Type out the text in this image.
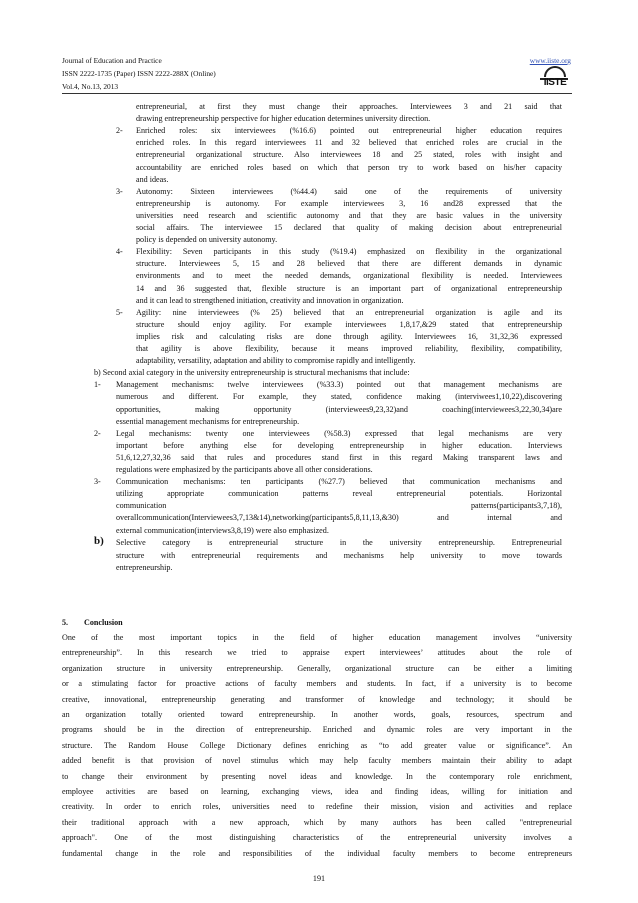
Journal of Education and Practice
ISSN 2222-1735 (Paper) ISSN 2222-288X (Online)
Vol.4, No.13, 2013
www.iiste.org
IISTE
entrepreneurial, at first they must change their approaches. Interviewees 3 and 21 said that
drawing entrepreneurship perspective for higher education determines university direction.
2- Enriched roles: six interviewees (%16.6) pointed out entrepreneurial higher education requires
enriched roles. In this regard interviewees 11 and 32 believed that enriched roles are crucial in the
entrepreneurial organizational structure. Also interviewees 18 and 25 stated, roles with insight and
accountability are enriched roles based on which that person try to work based on his/her capacity
and ideas.
3- Autonomy: Sixteen interviewees (%44.4) said one of the requirements of university
entrepreneurship is autonomy. For example interviewees 3, 16 and28 expressed that the
universities need research and scientific autonomy and that they are basic values in the university
social affairs. The interviewee 15 declared that quality of making decision about entrepreneurial
policy is depended on university autonomy.
4- Flexibility: Seven participants in this study (%19.4) emphasized on flexibility in the organizational
structure. Interviewees 5, 15 and 28 believed that there are different demands in dynamic
environments and to meet the needed demands, organizational flexibility is needed. Interviewees
14 and 36 suggested that, flexible structure is an important part of organizational entrepreneurship
and it can lead to strengthened initiation, creativity and innovation in organization.
5- Agility: nine interviewees (% 25) believed that an entrepreneurial organization is agile and its
structure should enjoy agility. For example interviewees 1,8,17,&29 stated that entrepreneurship
implies risk and calculating risks are done through agility. Interviewees 16, 31,32,36 expressed
that agility is above flexibility, because it means improved reliability, flexibility, compatibility,
adaptability, versatility, adaptation and ability to compromise rapidly and intelligently.
b) Second axial category in the university entrepreneurship is structural mechanisms that include:
1- Management mechanisms: twelve interviewees (%33.3) pointed out that management mechanisms are
numerous and different. For example, they stated, confidence making (interviwees1,10,22),discovering
opportunities, making opportunity (interviewees9,23,32)and coaching(interviewees3,22,30,34)are
essential management mechanisms for entrepreneurship.
2- Legal mechanisms: twenty one interviewees (%58.3) expressed that legal mechanisms are very
important before anything else for developing entrepreneurship in higher education. Interviews
51,6,12,27,32,36 said that rules and procedures stand first in this regard Making transparent laws and
regulations were emphasized by the participants above all other considerations.
3- Communication mechanisms: ten participants (%27.7) believed that communication mechanisms and
utilizing appropriate communication patterns reveal entrepreneurial potentials. Horizontal
communication patterns(participants3,7,18),
overallcommunication(Interviewees3,7,13&14),networking(participants5,8,11,13,&30) and internal and
external communication(interviews3,8,19) were also emphasized.
b) Selective category is entrepreneurial structure in the university entrepreneurship. Entrepreneurial
structure with entrepreneurial requirements and mechanisms help university to move towards
entrepreneurship.
5. Conclusion
One of the most important topics in the field of higher education management involves “university
entrepreneurship”. In this research we tried to appraise expert interviewees’ attitudes about the role of
organization structure in university entrepreneurship. Generally, organizational structure can be either a limiting
or a stimulating factor for proactive actions of faculty members and students. In fact, if a university is to become
creative, innovational, entrepreneurship generating and transformer of knowledge and technology; it should be
an organization totally oriented toward entrepreneurship. In another words, goals, resources, spectrum and
programs should be in the direction of entrepreneurship. Enriched and dynamic roles are very important in the
structure. The Random House College Dictionary defines enriching as “to add greater value or significance”. An
added benefit is that provision of novel stimulus which may help faculty members maintain their ability to adapt
to change their environment by presenting novel ideas and knowledge. In the contemporary role enrichment,
employee activities are based on learning, exchanging views, idea and finding ideas, willing for initiation and
creativity. In order to enrich roles, universities need to redefine their mission, vision and activities and replace
their traditional approach with a new approach, which by many authors has been called "entrepreneurial
approach". One of the most distinguishing characteristics of the entrepreneurial university involves a
fundamental change in the role and responsibilities of the individual faculty members to become entrepreneurs
191
